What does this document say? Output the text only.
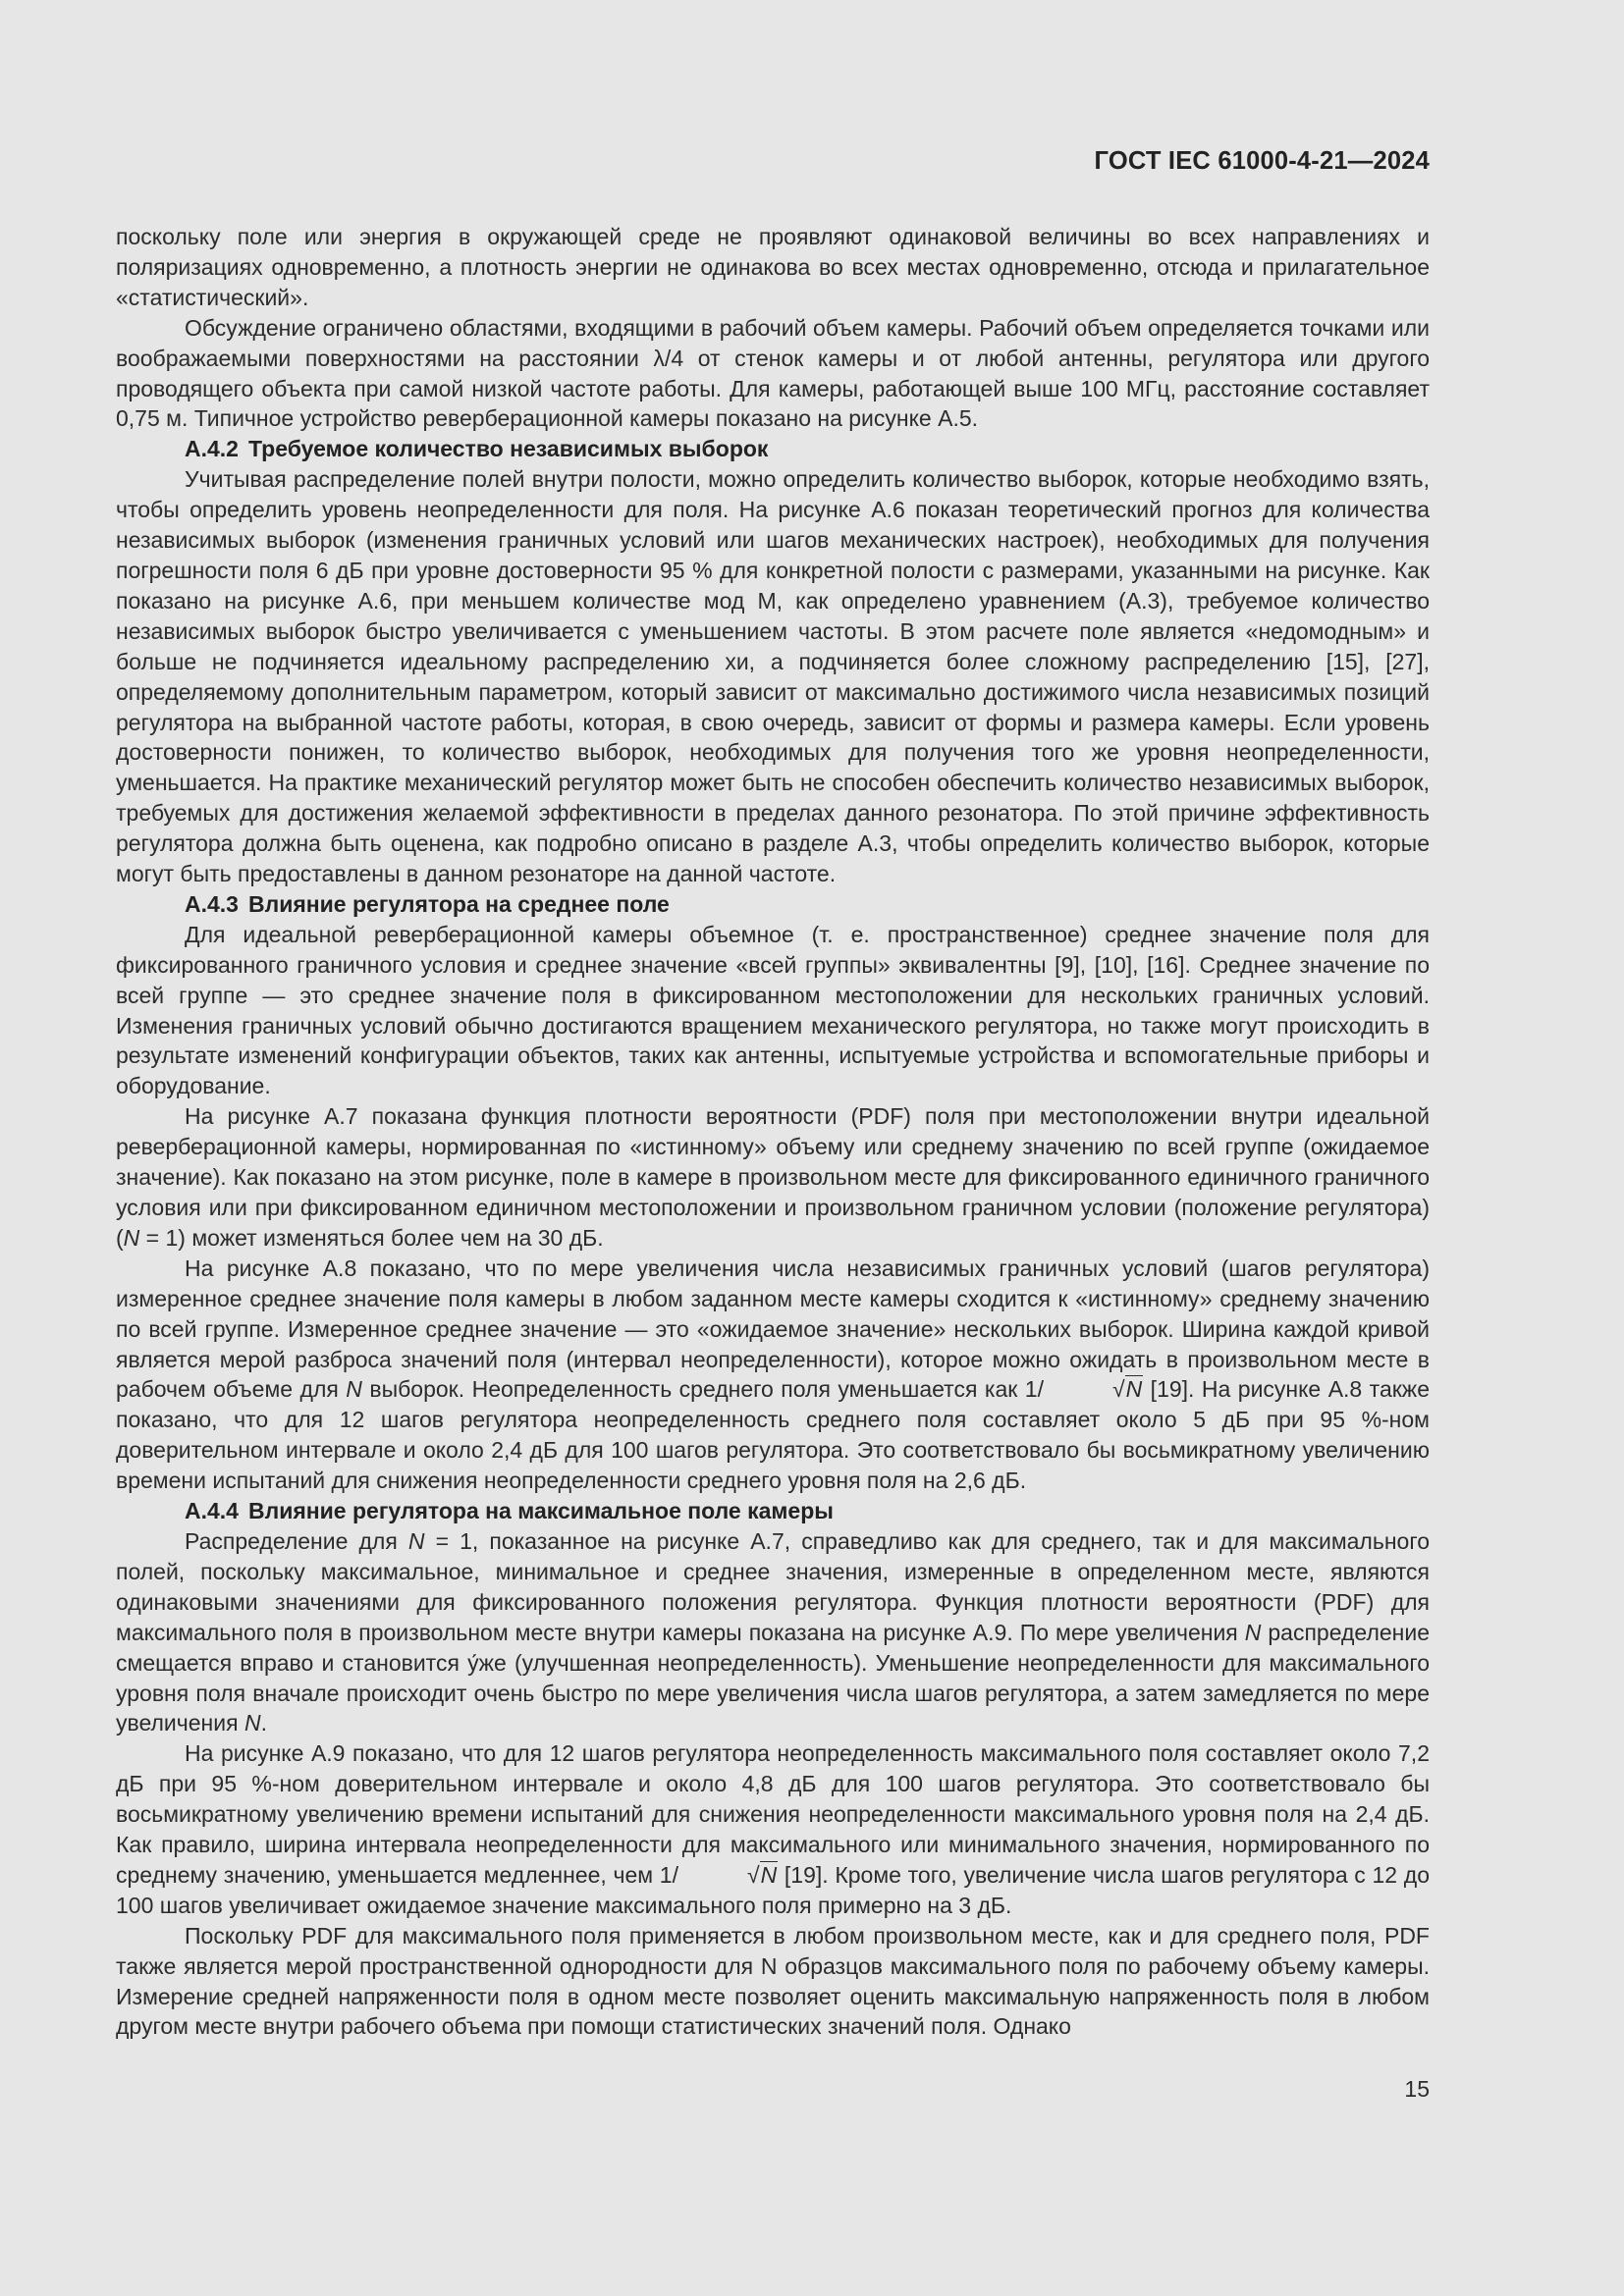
ГОСТ IEC 61000-4-21—2024

поскольку поле или энергия в окружающей среде не проявляют одинаковой величины во всех направлениях и поляризациях одновременно, а плотность энергии не одинакова во всех местах одновременно, отсюда и прилагательное «статистический».

Обсуждение ограничено областями, входящими в рабочий объем камеры. Рабочий объем определяется точками или воображаемыми поверхностями на расстоянии λ/4 от стенок камеры и от любой антенны, регулятора или другого проводящего объекта при самой низкой частоте работы. Для камеры, работающей выше 100 МГц, расстояние составляет 0,75 м. Типичное устройство реверберационной камеры показано на рисунке А.5.

А.4.2 Требуемое количество независимых выборок

Учитывая распределение полей внутри полости, можно определить количество выборок, которые необходимо взять, чтобы определить уровень неопределенности для поля. На рисунке А.6 показан теоретический прогноз для количества независимых выборок (изменения граничных условий или шагов механических настроек), необходимых для получения погрешности поля 6 дБ при уровне достоверности 95 % для конкретной полости с размерами, указанными на рисунке. Как показано на рисунке А.6, при меньшем количестве мод М, как определено уравнением (А.3), требуемое количество независимых выборок быстро увеличивается с уменьшением частоты. В этом расчете поле является «недомодным» и больше не подчиняется идеальному распределению хи, а подчиняется более сложному распределению [15], [27], определяемому дополнительным параметром, который зависит от максимально достижимого числа независимых позиций регулятора на выбранной частоте работы, которая, в свою очередь, зависит от формы и размера камеры. Если уровень достоверности понижен, то количество выборок, необходимых для получения того же уровня неопределенности, уменьшается. На практике механический регулятор может быть не способен обеспечить количество независимых выборок, требуемых для достижения желаемой эффективности в пределах данного резонатора. По этой причине эффективность регулятора должна быть оценена, как подробно описано в разделе А.3, чтобы определить количество выборок, которые могут быть предоставлены в данном резонаторе на данной частоте.

А.4.3 Влияние регулятора на среднее поле

Для идеальной реверберационной камеры объемное (т. е. пространственное) среднее значение поля для фиксированного граничного условия и среднее значение «всей группы» эквивалентны [9], [10], [16]. Среднее значение по всей группе — это среднее значение поля в фиксированном местоположении для нескольких граничных условий. Изменения граничных условий обычно достигаются вращением механического регулятора, но также могут происходить в результате изменений конфигурации объектов, таких как антенны, испытуемые устройства и вспомогательные приборы и оборудование.

На рисунке А.7 показана функция плотности вероятности (PDF) поля при местоположении внутри идеальной реверберационной камеры, нормированная по «истинному» объему или среднему значению по всей группе (ожидаемое значение). Как показано на этом рисунке, поле в камере в произвольном месте для фиксированного единичного граничного условия или при фиксированном единичном местоположении и произвольном граничном условии (положение регулятора) (N = 1) может изменяться более чем на 30 дБ.

На рисунке А.8 показано, что по мере увеличения числа независимых граничных условий (шагов регулятора) измеренное среднее значение поля камеры в любом заданном месте камеры сходится к «истинному» среднему значению по всей группе. Измеренное среднее значение — это «ожидаемое значение» нескольких выборок. Ширина каждой кривой является мерой разброса значений поля (интервал неопределенности), которое можно ожидать в произвольном месте в рабочем объеме для N выборок. Неопределенность среднего поля уменьшается как 1/	√N [19]. На рисунке А.8 также показано, что для 12 шагов регулятора неопределенность среднего поля составляет около 5 дБ при 95 %-ном доверительном интервале и около 2,4 дБ для 100 шагов регулятора. Это соответствовало бы восьмикратному увеличению времени испытаний для снижения неопределенности среднего уровня поля на 2,6 дБ.

А.4.4 Влияние регулятора на максимальное поле камеры

Распределение для N = 1, показанное на рисунке А.7, справедливо как для среднего, так и для максимального полей, поскольку максимальное, минимальное и среднее значения, измеренные в определенном месте, являются одинаковыми значениями для фиксированного положения регулятора. Функция плотности вероятности (PDF) для максимального поля в произвольном месте внутри камеры показана на рисунке А.9. По мере увеличения N распределение смещается вправо и становится у́же (улучшенная неопределенность). Уменьшение неопределенности для максимального уровня поля вначале происходит очень быстро по мере увеличения числа шагов регулятора, а затем замедляется по мере увеличения N.

На рисунке А.9 показано, что для 12 шагов регулятора неопределенность максимального поля составляет около 7,2 дБ при 95 %-ном доверительном интервале и около 4,8 дБ для 100 шагов регулятора. Это соответствовало бы восьмикратному увеличению времени испытаний для снижения неопределенности максимального уровня поля на 2,4 дБ. Как правило, ширина интервала неопределенности для максимального или минимального значения, нормированного по среднему значению, уменьшается медленнее, чем 1/	√N [19]. Кроме того, увеличение числа шагов регулятора с 12 до 100 шагов увеличивает ожидаемое значение максимального поля примерно на 3 дБ.

Поскольку PDF для максимального поля применяется в любом произвольном месте, как и для среднего поля, PDF также является мерой пространственной однородности для N образцов максимального поля по рабочему объему камеры. Измерение средней напряженности поля в одном месте позволяет оценить максимальную напряженность поля в любом другом месте внутри рабочего объема при помощи статистических значений поля. Однако

15
